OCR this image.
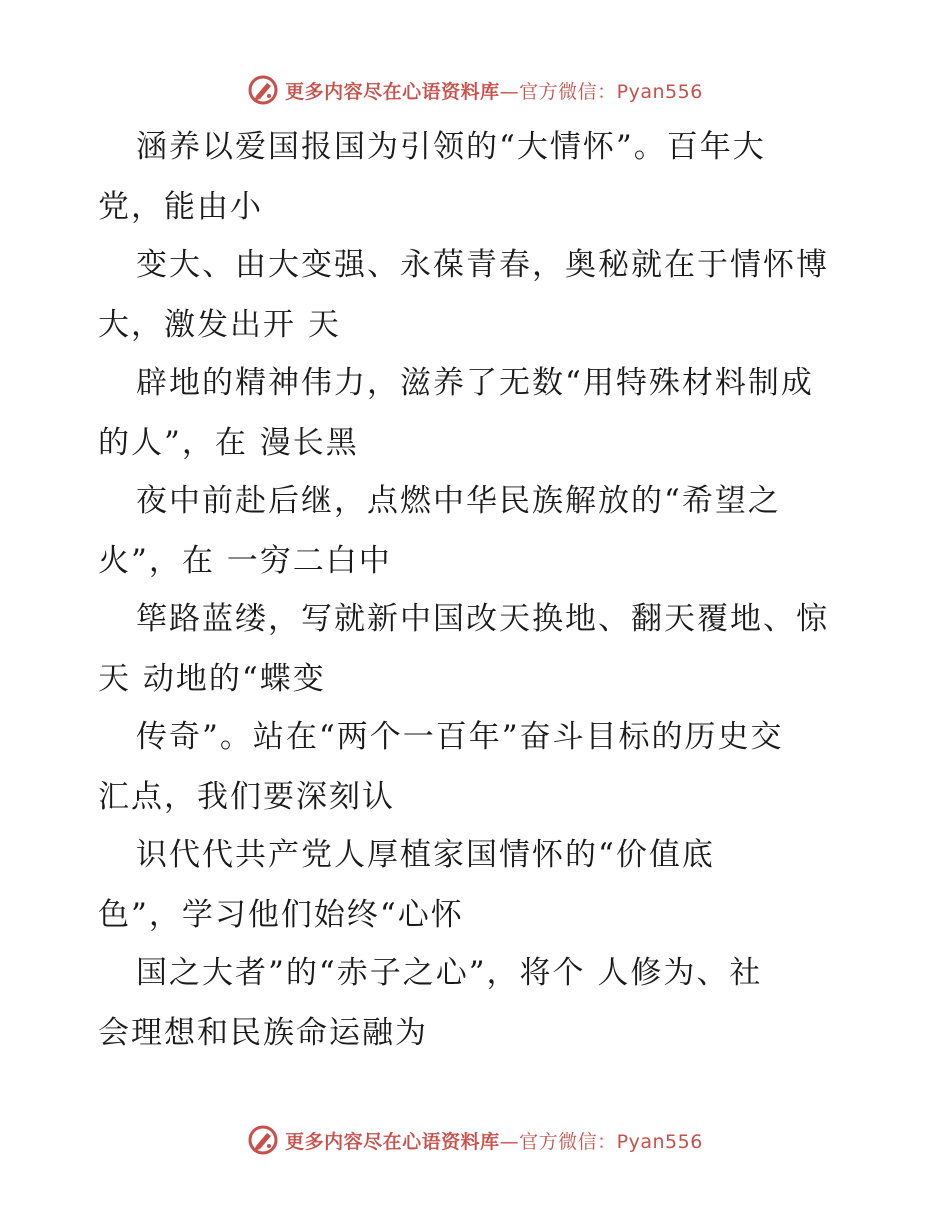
更多内容尽在心语资料库—官方微信：Pyan556
涵养以爱国报国为引领的“大情怀”。百年大
党，能由小
变大、由大变强、永葆青春，奥秘就在于情怀博
大，激发出开 天
辟地的精神伟力，滋养了无数“用特殊材料制成
的人”，在 漫长黑
夜中前赴后继，点燃中华民族解放的“希望之
火”，在 一穷二白中
筚路蓝缕，写就新中国改天换地、翻天覆地、惊
天 动地的“蝶变
传奇”。站在“两个一百年”奋斗目标的历史交
汇点，我们要深刻认
识代代共产党人厚植家国情怀的“价值底
色”，学习他们始终“心怀
国之大者”的“赤子之心”，将个 人修为、社
会理想和民族命运融为
更多内容尽在心语资料库—官方微信：Pyan556
